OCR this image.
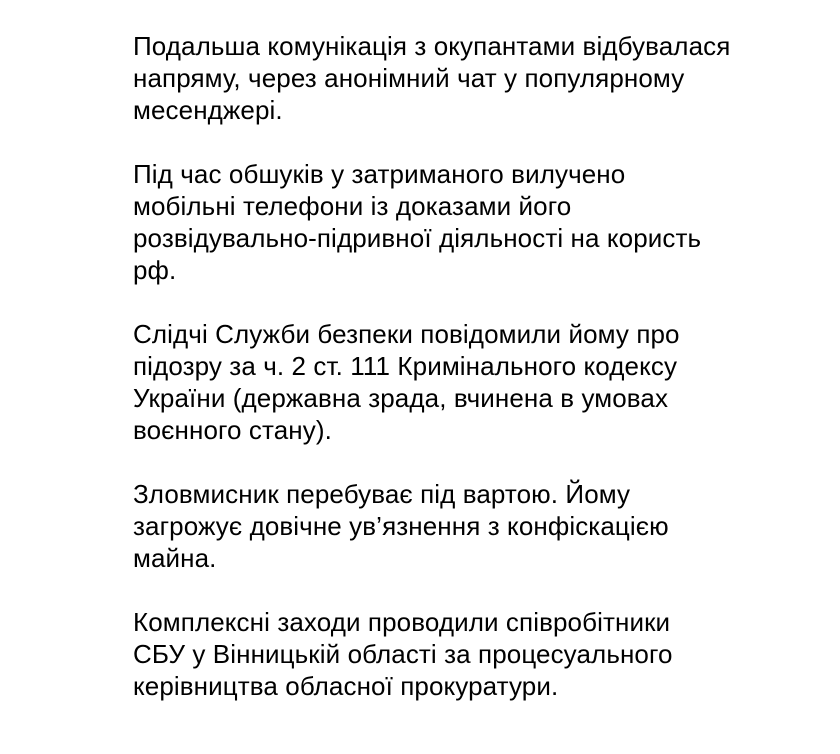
Подальша комунікація з окупантами відбувалася
напряму, через анонімний чат у популярному
месенджері.

Під час обшуків у затриманого вилучено
мобільні телефони із доказами його
розвідувально-підривної діяльності на користь
рф.

Слідчі Служби безпеки повідомили йому про
підозру за ч. 2 ст. 111 Кримінального кодексу
України (державна зрада, вчинена в умовах
воєнного стану).

Зловмисник перебуває під вартою. Йому
загрожує довічне ув’язнення з конфіскацією
майна.

Комплексні заходи проводили співробітники
СБУ у Вінницькій області за процесуального
керівництва обласної прокуратури.
